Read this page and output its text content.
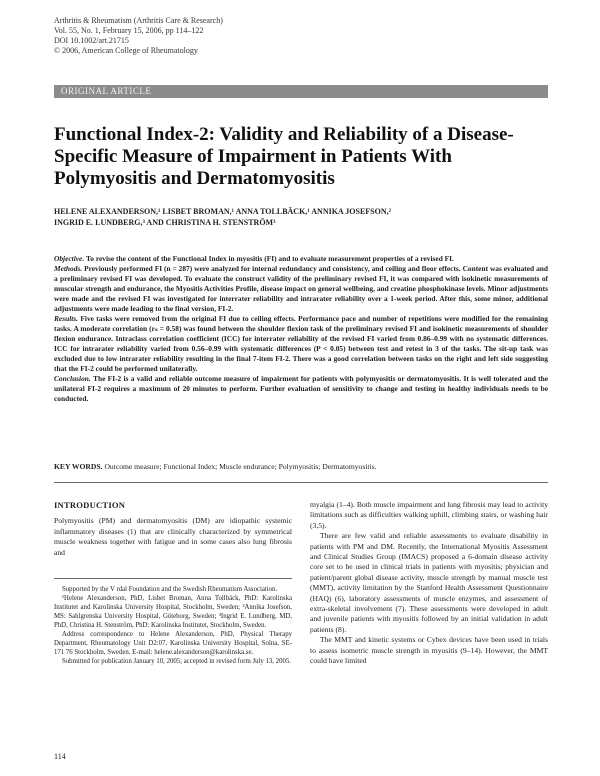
Arthritis & Rheumatism (Arthritis Care & Research)
Vol. 55, No. 1, February 15, 2006, pp 114–122
DOI 10.1002/art.21715
© 2006, American College of Rheumatology
ORIGINAL ARTICLE
Functional Index-2: Validity and Reliability of a Disease-Specific Measure of Impairment in Patients With Polymyositis and Dermatomyositis
HELENE ALEXANDERSON,¹ LISBET BROMAN,¹ ANNA TOLLBÄCK,¹ ANNIKA JOSEFSON,²
INGRID E. LUNDBERG,³ AND CHRISTINA H. STENSTRÖM³

Objective. To revise the content of the Functional Index in myositis (FI) and to evaluate measurement properties of a revised FI.

Methods. Previously performed FI (n = 287) were analyzed for internal redundancy and consistency, and ceiling and floor effects. Content was evaluated and a preliminary revised FI was developed. To evaluate the construct validity of the preliminary revised FI, it was compared with isokinetic measurements of muscular strength and endurance, the Myositis Activities Profile, disease impact on general wellbeing, and creatine phosphokinase levels. Minor adjustments were made and the revised FI was investigated for interrater reliability and intrarater reliability over a 1-week period. After this, some minor, additional adjustments were made leading to the final version, FI-2.

Results. Five tasks were removed from the original FI due to ceiling effects. Performance pace and number of repetitions were modified for the remaining tasks. A moderate correlation (rₛ = 0.58) was found between the shoulder flexion task of the preliminary revised FI and isokinetic measurements of shoulder flexion endurance. Intraclass correlation coefficient (ICC) for interrater reliability of the revised FI varied from 0.86–0.99 with no systematic differences. ICC for intrarater reliability varied from 0.56–0.99 with systematic differences (P < 0.05) between test and retest in 3 of the tasks. The sit-up task was excluded due to low intrarater reliability resulting in the final 7-item FI-2. There was a good correlation between tasks on the right and left side suggesting that the FI-2 could be performed unilaterally.

Conclusion. The FI-2 is a valid and reliable outcome measure of impairment for patients with polymyositis or dermatomyositis. It is well tolerated and the unilateral FI-2 requires a maximum of 20 minutes to perform. Further evaluation of sensitivity to change and testing in healthy individuals needs to be conducted.

KEY WORDS. Outcome measure; Functional Index; Muscle endurance; Polymyositis; Dermatomyositis.
INTRODUCTION

Polymyositis (PM) and dermatomyositis (DM) are idiopathic systemic inflammatory diseases (1) that are clinically characterized by symmetrical muscle weakness together with fatigue and in some cases also lung fibrosis and

Supported by the V rdal Foundation and the Swedish Rheumatism Association.

¹Helene Alexanderson, PhD, Lisbet Broman, Anna Tollbäck, PhD: Karolinska Institutet and Karolinska University Hospital, Stockholm, Sweden; ²Annika Josefson, MS: Sahlgrenska University Hospital, Göteborg, Sweden; ³Ingrid E. Lundberg, MD, PhD, Christina H. Stenström, PhD: Karolinska Institutet, Stockholm, Sweden.

Address correspondence to Helene Alexanderson, PhD, Physical Therapy Department, Rheumatology Unit D2:07, Karolinska University Hospital, Solna, SE-171 76 Stockholm, Sweden. E-mail: helene.alexanderson@karolinska.se.

Submitted for publication January 10, 2005; accepted in revised form July 13, 2005.

myalgia (1–4). Both muscle impairment and lung fibrosis may lead to activity limitations such as difficulties walking uphill, climbing stairs, or washing hair (3,5).

There are few valid and reliable assessments to evaluate disability in patients with PM and DM. Recently, the International Myositis Assessment and Clinical Studies Group (IMACS) proposed a 6-domain disease activity core set to be used in clinical trials in patients with myositis; physician and patient/parent global disease activity, muscle strength by manual muscle test (MMT), activity limitation by the Stanford Health Assessment Questionnaire (HAQ) (6), laboratory assessments of muscle enzymes, and assessment of extra-skeletal involvement (7). These assessments were developed in adult and juvenile patients with myositis followed by an initial validation in adult patients (8).

The MMT and kinetic systems or Cybex devices have been used in trials to assess isometric muscle strength in myositis (9–14). However, the MMT could have limited

114
